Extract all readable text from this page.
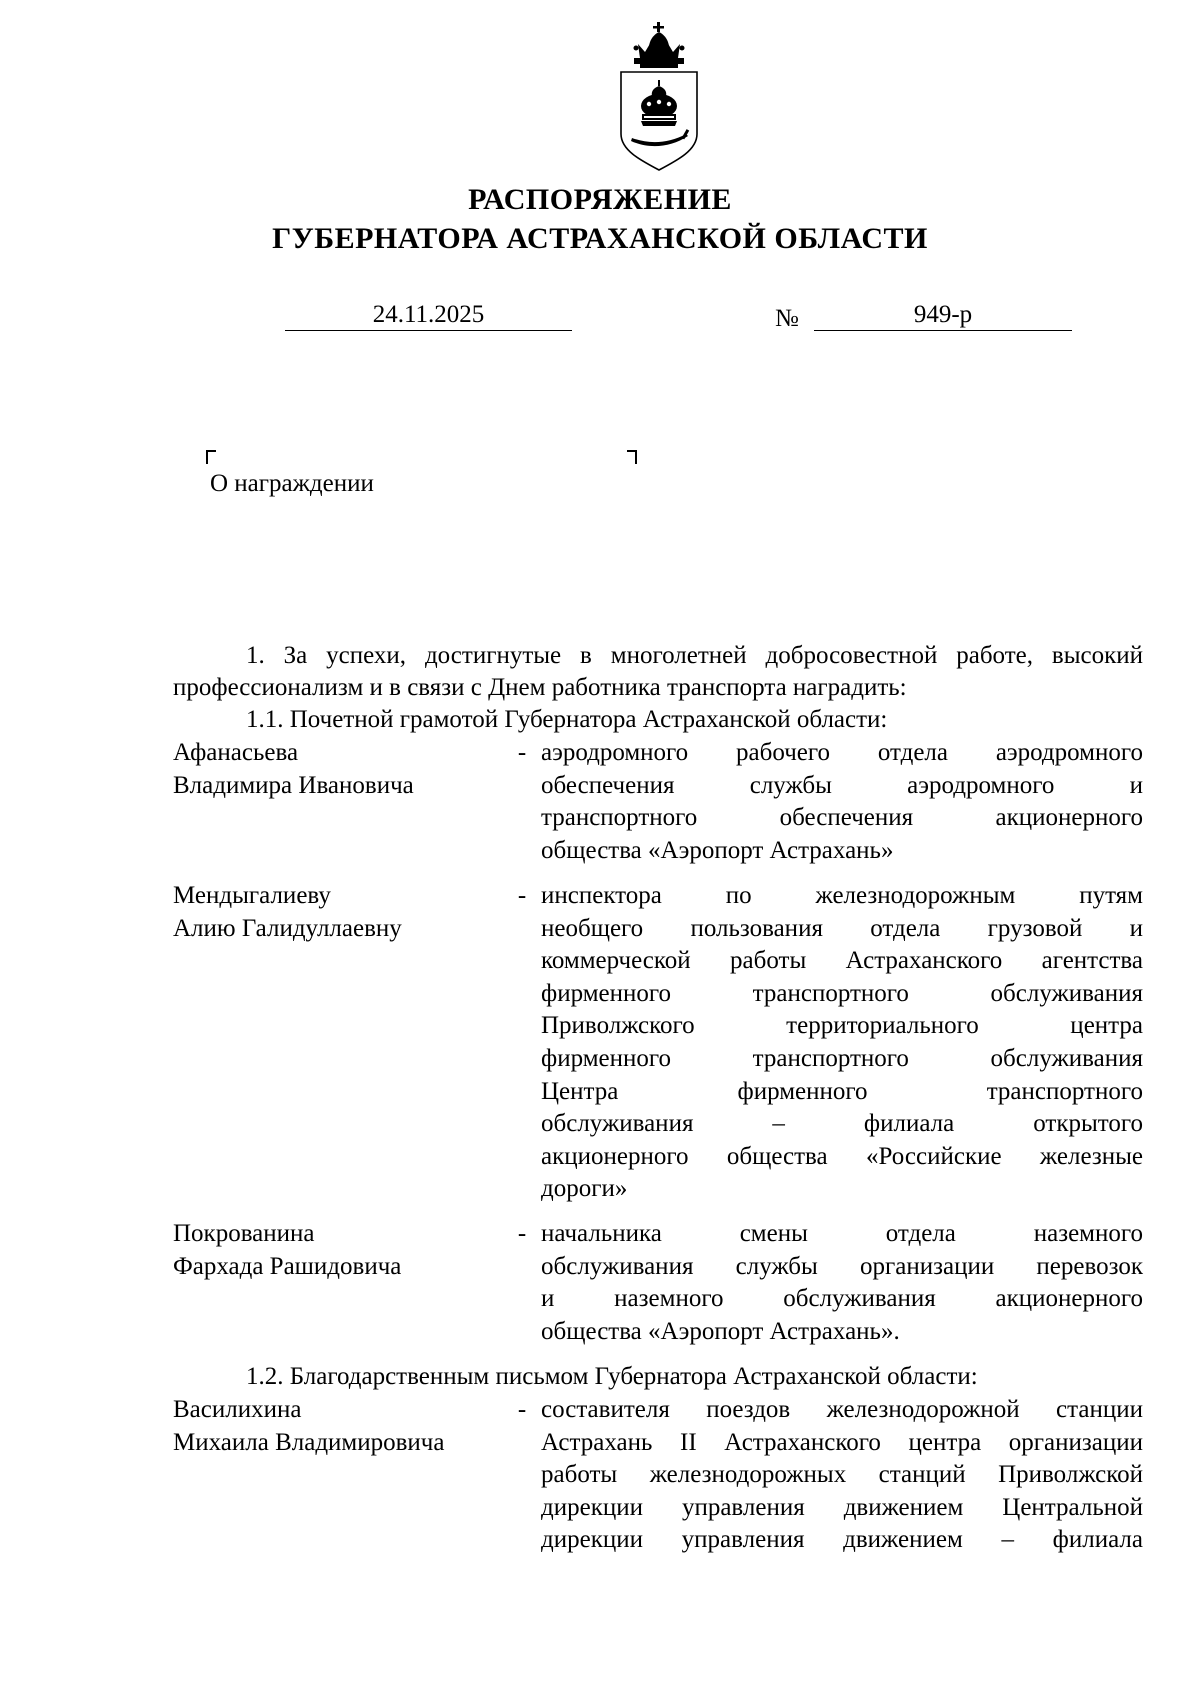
РАСПОРЯЖЕНИЕ
ГУБЕРНАТОРА АСТРАХАНСКОЙ ОБЛАСТИ
24.11.2025	№	949-р
О награждении
1. За успехи, достигнутые в многолетней добросовестной работе, высокий
профессионализм и в связи с Днем работника транспорта наградить:
1.1. Почетной грамотой Губернатора Астраханской области:
Афанасьева
Владимира Ивановича
- аэродромного рабочего отдела аэродромного
обеспечения службы аэродромного и
транспортного обеспечения акционерного
общества «Аэропорт Астрахань»
Мендыгалиеву
Алию Галидуллаевну
- инспектора по железнодорожным путям
необщего пользования отдела грузовой и
коммерческой работы Астраханского агентства
фирменного транспортного обслуживания
Приволжского территориального центра
фирменного транспортного обслуживания
Центра фирменного транспортного
обслуживания – филиала открытого
акционерного общества «Российские железные
дороги»
Покрованина
Фархада Рашидовича
- начальника смены отдела наземного
обслуживания службы организации перевозок
и наземного обслуживания акционерного
общества «Аэропорт Астрахань».
1.2. Благодарственным письмом Губернатора Астраханской области:
Василихина
Михаила Владимировича
- составителя поездов железнодорожной станции
Астрахань II Астраханского центра организации
работы железнодорожных станций Приволжской
дирекции управления движением Центральной
дирекции управления движением – филиала
